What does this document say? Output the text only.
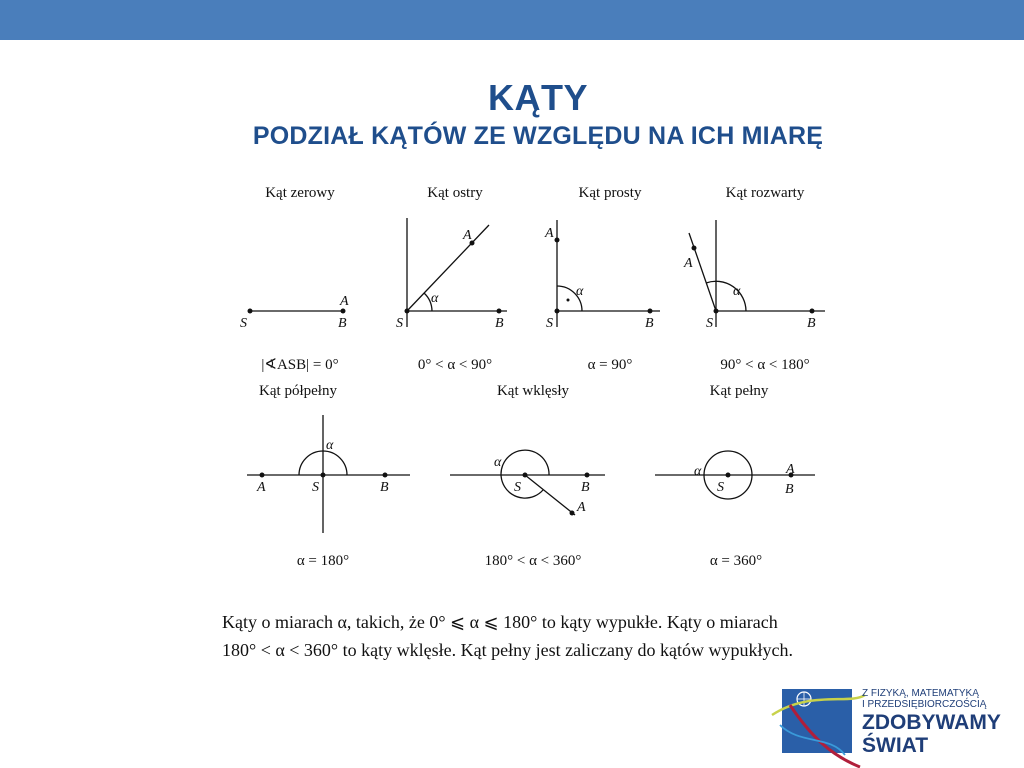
KĄTY
PODZIAŁ KĄTÓW ZE WZGLĘDU NA ICH MIARĘ
Kąt zerowy
S
A
B
|∢ASB| = 0°
Kąt ostry
S
A
B
α
0° < α < 90°
Kąt prosty
S
A
B
α
α = 90°
Kąt rozwarty
S
A
B
α
90° < α < 180°
Kąt półpełny
A	S	B
α
α = 180°
Kąt wklęsły
S	B
A
α
180° < α < 360°
Kąt pełny
S
A
B
α
α = 360°

Kąty o miarach α, takich, że 0° ⩽ α ⩽ 180° to kąty wypukłe. Kąty o miarach

180° < α < 360° to kąty wklęsłe. Kąt pełny jest zaliczany do kątów wypukłych.

Z FIZYKĄ, MATEMATYKĄ
I PRZEDSIĘBIORCZOŚCIĄ
ZDOBYWAMY
ŚWIAT
